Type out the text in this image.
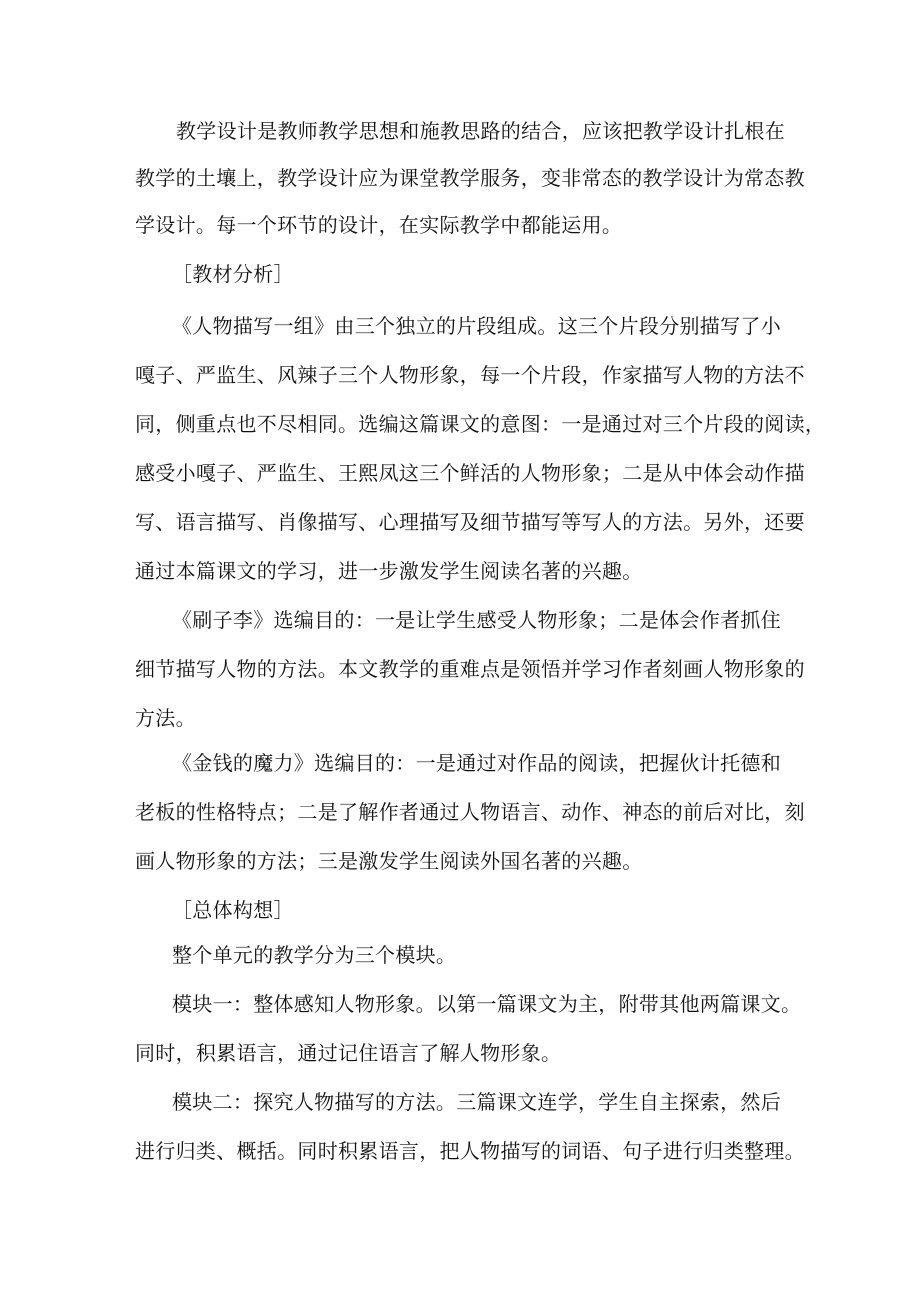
教学设计是教师教学思想和施教思路的结合，应该把教学设计扎根在
教学的土壤上，教学设计应为课堂教学服务，变非常态的教学设计为常态教
学设计。每一个环节的设计，在实际教学中都能运用。
［教材分析］
《人物描写一组》由三个独立的片段组成。这三个片段分别描写了小
嘎子、严监生、风辣子三个人物形象，每一个片段，作家描写人物的方法不
同，侧重点也不尽相同。选编这篇课文的意图：一是通过对三个片段的阅读，
感受小嘎子、严监生、王熙凤这三个鲜活的人物形象；二是从中体会动作描
写、语言描写、肖像描写、心理描写及细节描写等写人的方法。另外，还要
通过本篇课文的学习，进一步激发学生阅读名著的兴趣。
《刷子李》选编目的：一是让学生感受人物形象；二是体会作者抓住
细节描写人物的方法。本文教学的重难点是领悟并学习作者刻画人物形象的
方法。
《金钱的魔力》选编目的：一是通过对作品的阅读，把握伙计托德和
老板的性格特点；二是了解作者通过人物语言、动作、神态的前后对比，刻
画人物形象的方法；三是激发学生阅读外国名著的兴趣。
［总体构想］
整个单元的教学分为三个模块。
模块一：整体感知人物形象。以第一篇课文为主，附带其他两篇课文。
同时，积累语言，通过记住语言了解人物形象。
模块二：探究人物描写的方法。三篇课文连学，学生自主探索，然后
进行归类、概括。同时积累语言，把人物描写的词语、句子进行归类整理。
